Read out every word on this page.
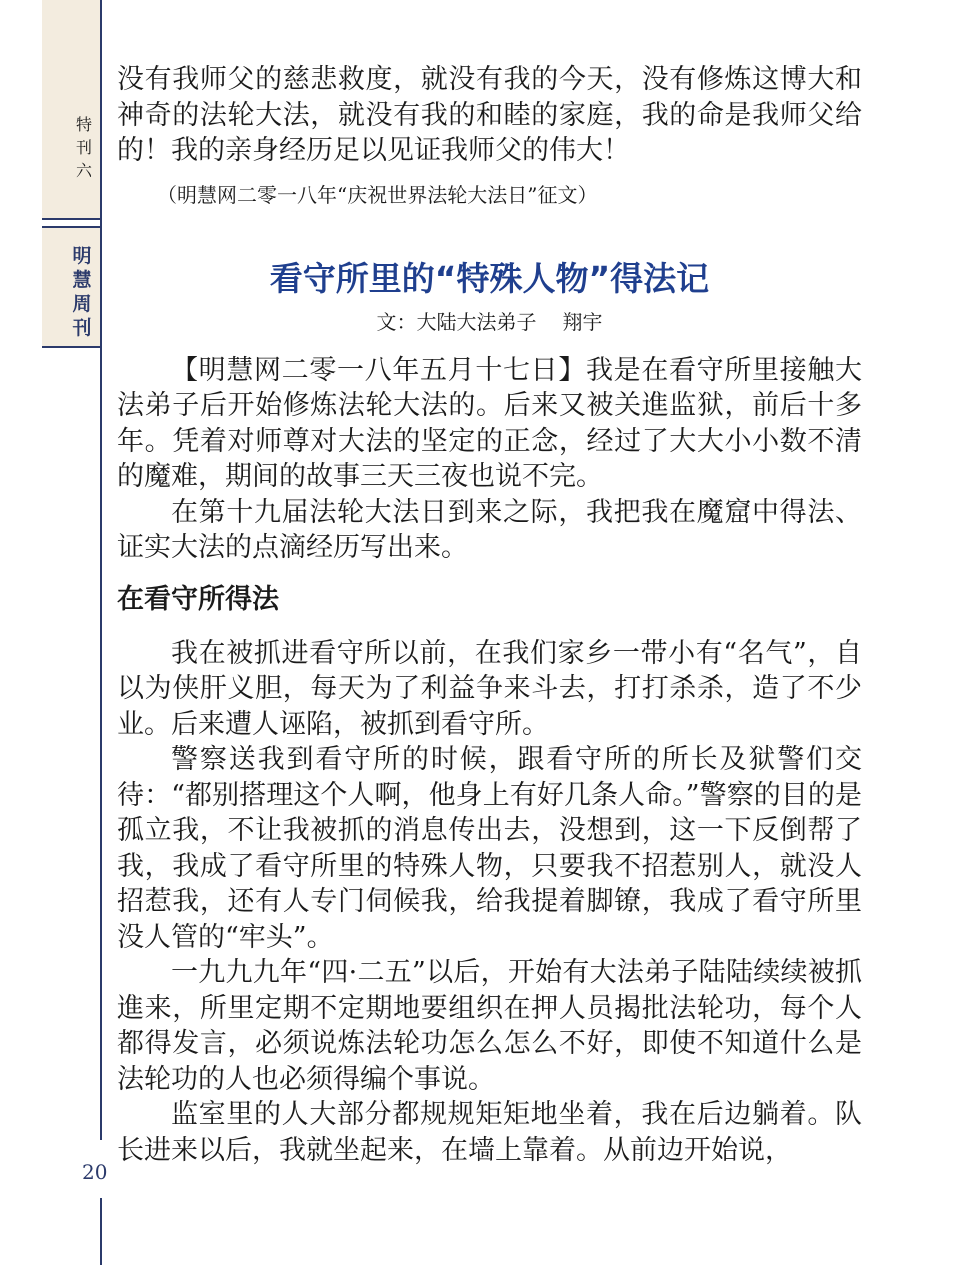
特 刊 六
明
慧
周
刊

没有我师父的慈悲救度，就没有我的今天，没有修炼这博大和神奇的法轮大法，就没有我的和睦的家庭，我的命是我师父给的！我的亲身经历足以见证我师父的伟大！

（明慧网二零一八年“庆祝世界法轮大法日”征文）

看守所里的“特殊人物”得法记
文：大陆大法弟子 翔宇

【明慧网二零一八年五月十七日】我是在看守所里接触大法弟子后开始修炼法轮大法的。后来又被关進监狱，前后十多年。凭着对师尊对大法的坚定的正念，经过了大大小小数不清的魔难，期间的故事三天三夜也说不完。

在第十九届法轮大法日到来之际，我把我在魔窟中得法、证实大法的点滴经历写出来。

在看守所得法

我在被抓进看守所以前，在我们家乡一带小有“名气”，自以为侠肝义胆，每天为了利益争来斗去，打打杀杀，造了不少业。后来遭人诬陷，被抓到看守所。

警察送我到看守所的时候，跟看守所的所长及狱警们交待：“都别搭理这个人啊，他身上有好几条人命。”警察的目的是孤立我，不让我被抓的消息传出去，没想到，这一下反倒帮了我，我成了看守所里的特殊人物，只要我不招惹别人，就没人招惹我，还有人专门伺候我，给我提着脚镣，我成了看守所里没人管的“牢头”。

一九九九年“四·二五”以后，开始有大法弟子陆陆续续被抓進来，所里定期不定期地要组织在押人员揭批法轮功，每个人都得发言，必须说炼法轮功怎么怎么不好，即使不知道什么是法轮功的人也必须得编个事说。

监室里的人大部分都规规矩矩地坐着，我在后边躺着。队长进来以后，我就坐起来，在墙上靠着。从前边开始说，

20
